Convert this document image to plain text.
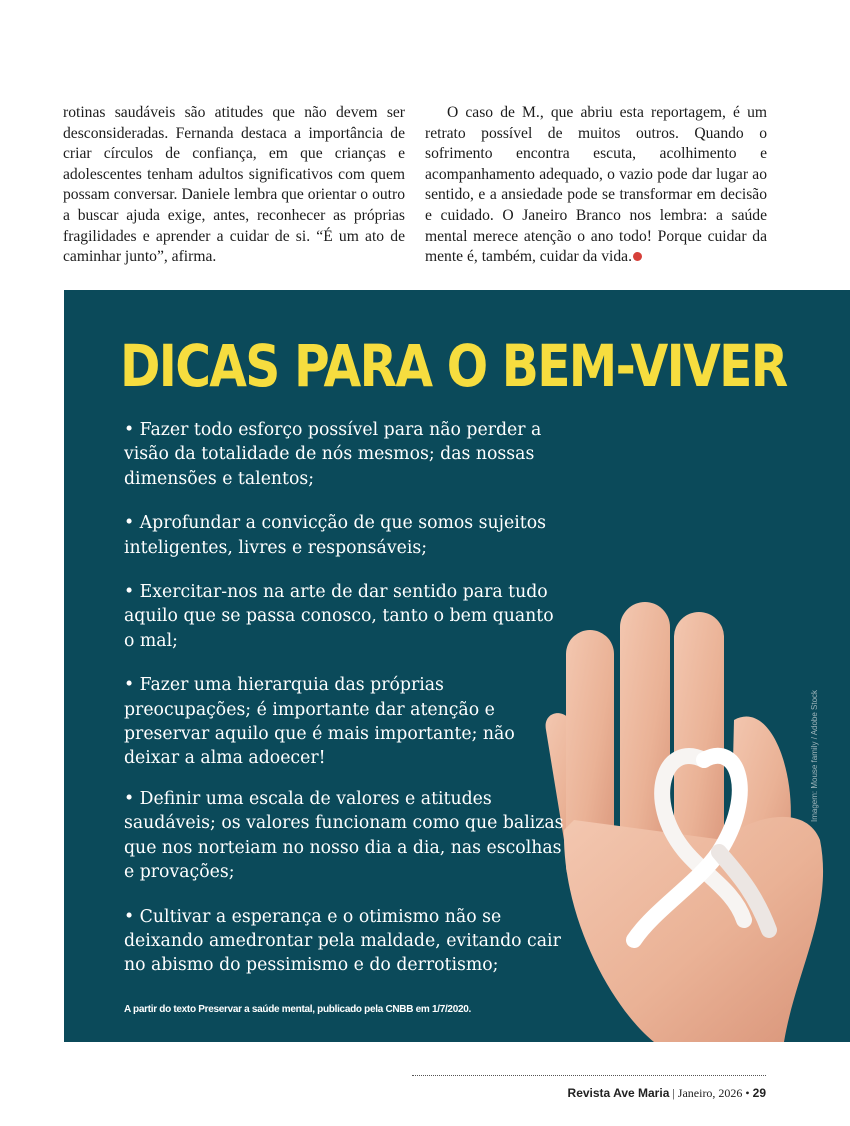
rotinas saudáveis são atitudes que não devem ser desconsideradas. Fernanda destaca a importância de criar círculos de confiança, em que crianças e adolescentes tenham adultos significativos com quem possam conversar. Daniele lembra que orientar o outro a buscar ajuda exige, antes, reconhecer as próprias fragilidades e aprender a cuidar de si. “É um ato de caminhar junto”, afirma.

O caso de M., que abriu esta reportagem, é um retrato possível de muitos outros. Quando o sofrimento encontra escuta, acolhimento e acompanhamento adequado, o vazio pode dar lugar ao sentido, e a ansiedade pode se transformar em decisão e cuidado. O Janeiro Branco nos lembra: a saúde mental merece atenção o ano todo! Porque cuidar da mente é, também, cuidar da vida.

DICAS PARA O BEM-VIVER
• Fazer todo esforço possível para não perder a visão da totalidade de nós mesmos; das nossas dimensões e talentos;
• Aprofundar a convicção de que somos sujeitos inteligentes, livres e responsáveis;
• Exercitar-nos na arte de dar sentido para tudo aquilo que se passa conosco, tanto o bem quanto o mal;
• Fazer uma hierarquia das próprias preocupações; é importante dar atenção e preservar aquilo que é mais importante; não deixar a alma adoecer!
• Definir uma escala de valores e atitudes saudáveis; os valores funcionam como que balizas que nos norteiam no nosso dia a dia, nas escolhas e provações;
• Cultivar a esperança e o otimismo não se deixando amedrontar pela maldade, evitando cair no abismo do pessimismo e do derrotismo;
A partir do texto Preservar a saúde mental, publicado pela CNBB em 1/7/2020.
Imagem: Mouse family / Adobe Stock
Revista Ave Maria | Janeiro, 2026 • 29
